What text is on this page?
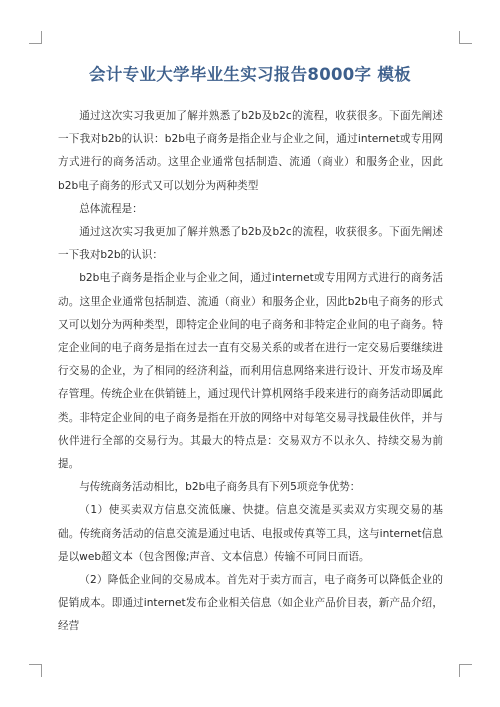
会计专业大学毕业生实习报告8000字 模板

通过这次实习我更加了解并熟悉了b2b及b2c的流程，收获很多。下面先阐述一下我对b2b的认识：b2b电子商务是指企业与企业之间，通过internet或专用网方式进行的商务活动。这里企业通常包括制造、流通（商业）和服务企业，因此b2b电子商务的形式又可以划分为两种类型

总体流程是：

通过这次实习我更加了解并熟悉了b2b及b2c的流程，收获很多。下面先阐述一下我对b2b的认识：

b2b电子商务是指企业与企业之间，通过internet或专用网方式进行的商务活动。这里企业通常包括制造、流通（商业）和服务企业，因此b2b电子商务的形式又可以划分为两种类型，即特定企业间的电子商务和非特定企业间的电子商务。特定企业间的电子商务是指在过去一直有交易关系的或者在进行一定交易后要继续进行交易的企业，为了相同的经济利益，而利用信息网络来进行设计、开发市场及库存管理。传统企业在供销链上，通过现代计算机网络手段来进行的商务活动即属此类。非特定企业间的电子商务是指在开放的网络中对每笔交易寻找最佳伙伴，并与伙伴进行全部的交易行为。其最大的特点是：交易双方不以永久、持续交易为前提。

与传统商务活动相比，b2b电子商务具有下列5项竞争优势：

（1）使买卖双方信息交流低廉、快捷。信息交流是买卖双方实现交易的基础。传统商务活动的信息交流是通过电话、电报或传真等工具，这与internet信息是以web超文本（包含图像;声音、文本信息）传输不可同日而语。

（2）降低企业间的交易成本。首先对于卖方而言，电子商务可以降低企业的促销成本。即通过internet发布企业相关信息（如企业产品价目表，新产品介绍，经营
